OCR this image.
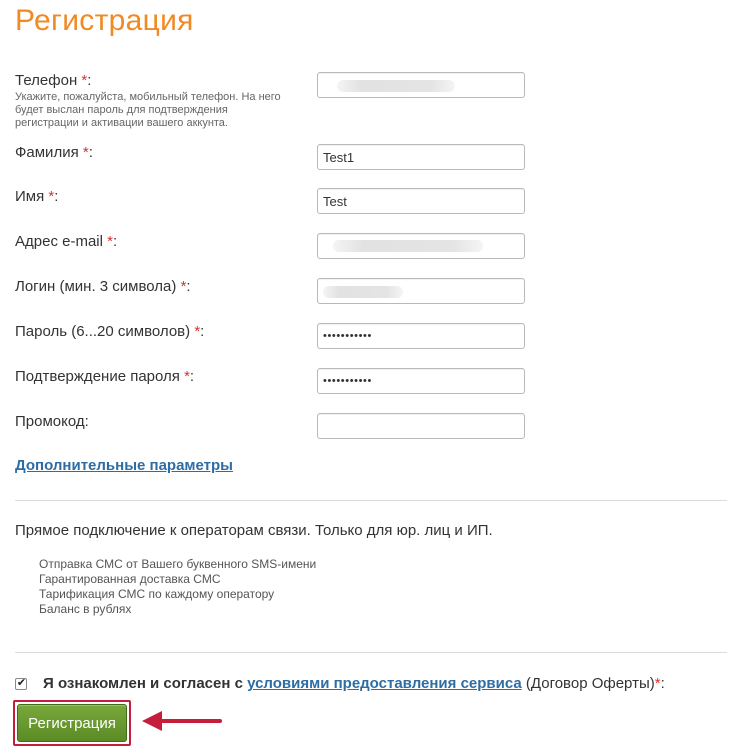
Регистрация
Телефон *:
Укажите, пожалуйста, мобильный телефон. На него будет выслан пароль для подтверждения регистрации и активации вашего аккунта.
Фамилия *:
Test1
Имя *:
Test
Адрес e-mail *:
Логин (мин. 3 символа) *:
Пароль (6...20 символов) *:
•••••••••••
Подтверждение пароля *:
•••••••••••
Промокод:
Дополнительные параметры
Прямое подключение к операторам связи. Только для юр. лиц и ИП.
Отправка СМС от Вашего буквенного SMS-имени
Гарантированная доставка СМС
Тарификация СМС по каждому оператору
Баланс в рублях
✔ Я ознакомлен и согласен с условиями предоставления сервиса (Договор Оферты)*:
Регистрация
